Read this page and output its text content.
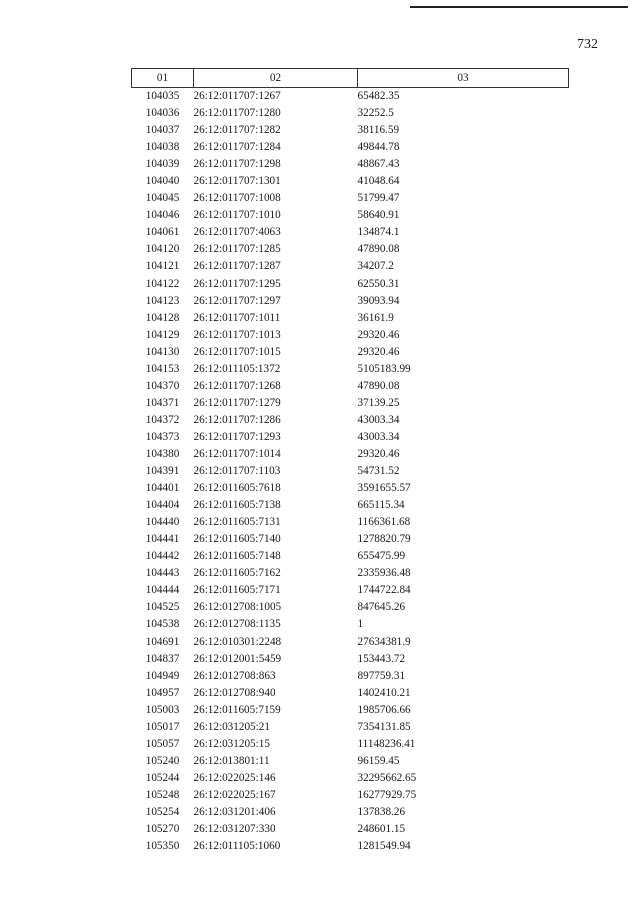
732
01	02	03
104035	26:12:011707:1267	65482.35
104036	26:12:011707:1280	32252.5
104037	26:12:011707:1282	38116.59
104038	26:12:011707:1284	49844.78
104039	26:12:011707:1298	48867.43
104040	26:12:011707:1301	41048.64
104045	26:12:011707:1008	51799.47
104046	26:12:011707:1010	58640.91
104061	26:12:011707:4063	134874.1
104120	26:12:011707:1285	47890.08
104121	26:12:011707:1287	34207.2
104122	26:12:011707:1295	62550.31
104123	26:12:011707:1297	39093.94
104128	26:12:011707:1011	36161.9
104129	26:12:011707:1013	29320.46
104130	26:12:011707:1015	29320.46
104153	26:12:011105:1372	5105183.99
104370	26:12:011707:1268	47890.08
104371	26:12:011707:1279	37139.25
104372	26:12:011707:1286	43003.34
104373	26:12:011707:1293	43003.34
104380	26:12:011707:1014	29320.46
104391	26:12:011707:1103	54731.52
104401	26:12:011605:7618	3591655.57
104404	26:12:011605:7138	665115.34
104440	26:12:011605:7131	1166361.68
104441	26:12:011605:7140	1278820.79
104442	26:12:011605:7148	655475.99
104443	26:12:011605:7162	2335936.48
104444	26:12:011605:7171	1744722.84
104525	26:12:012708:1005	847645.26
104538	26:12:012708:1135	1
104691	26:12:010301:2248	27634381.9
104837	26:12:012001:5459	153443.72
104949	26:12:012708:863	897759.31
104957	26:12:012708:940	1402410.21
105003	26:12:011605:7159	1985706.66
105017	26:12:031205:21	7354131.85
105057	26:12:031205:15	11148236.41
105240	26:12:013801:11	96159.45
105244	26:12:022025:146	32295662.65
105248	26:12:022025:167	16277929.75
105254	26:12:031201:406	137838.26
105270	26:12:031207:330	248601.15
105350	26:12:011105:1060	1281549.94
